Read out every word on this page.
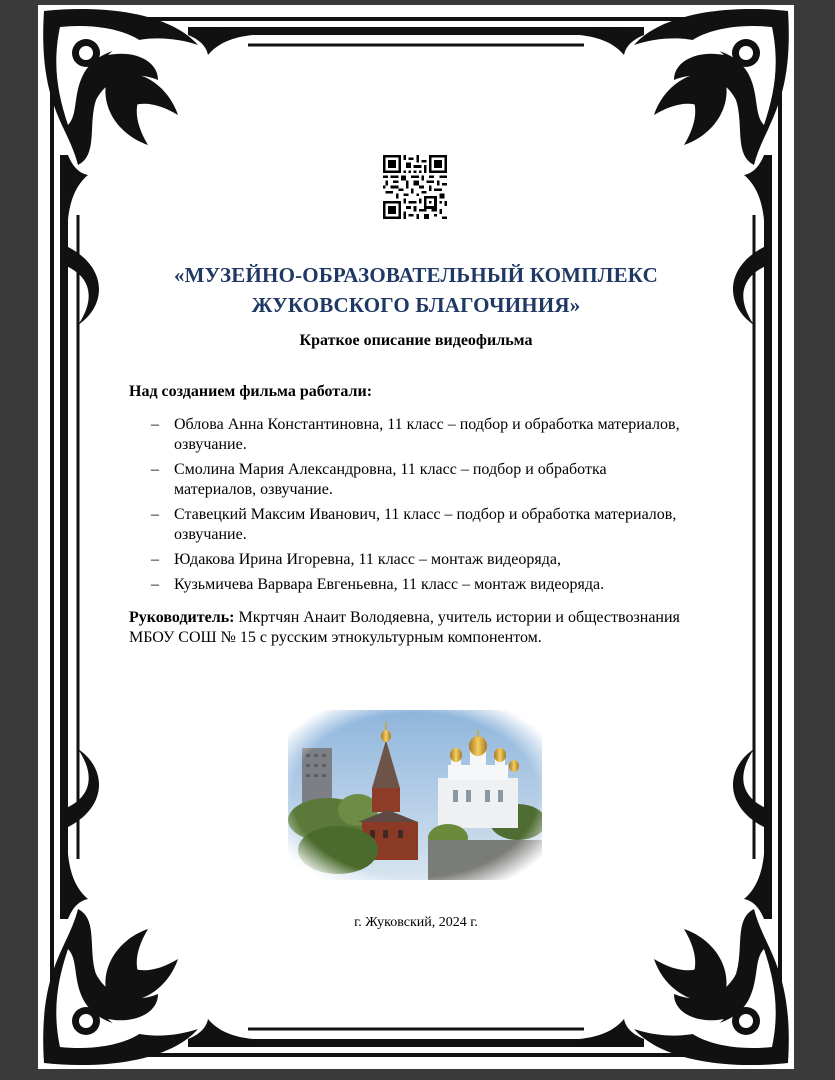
«МУЗЕЙНО-ОБРАЗОВАТЕЛЬНЫЙ КОМПЛЕКС
ЖУКОВСКОГО БЛАГОЧИНИЯ»
Краткое описание видеофильма
Над созданием фильма работали:
– Облова Анна Константиновна, 11 класс – подбор и обработка материалов, озвучание.
– Смолина Мария Александровна, 11 класс – подбор и обработка материалов, озвучание.
– Ставецкий Максим Иванович, 11 класс – подбор и обработка материалов, озвучание.
– Юдакова Ирина Игоревна, 11 класс – монтаж видеоряда,
– Кузьмичева Варвара Евгеньевна, 11 класс – монтаж видеоряда.
Руководитель: Мкртчян Анаит Володяевна, учитель истории и обществознания МБОУ СОШ № 15 с русским этнокультурным компонентом.
г. Жуковский, 2024 г.
